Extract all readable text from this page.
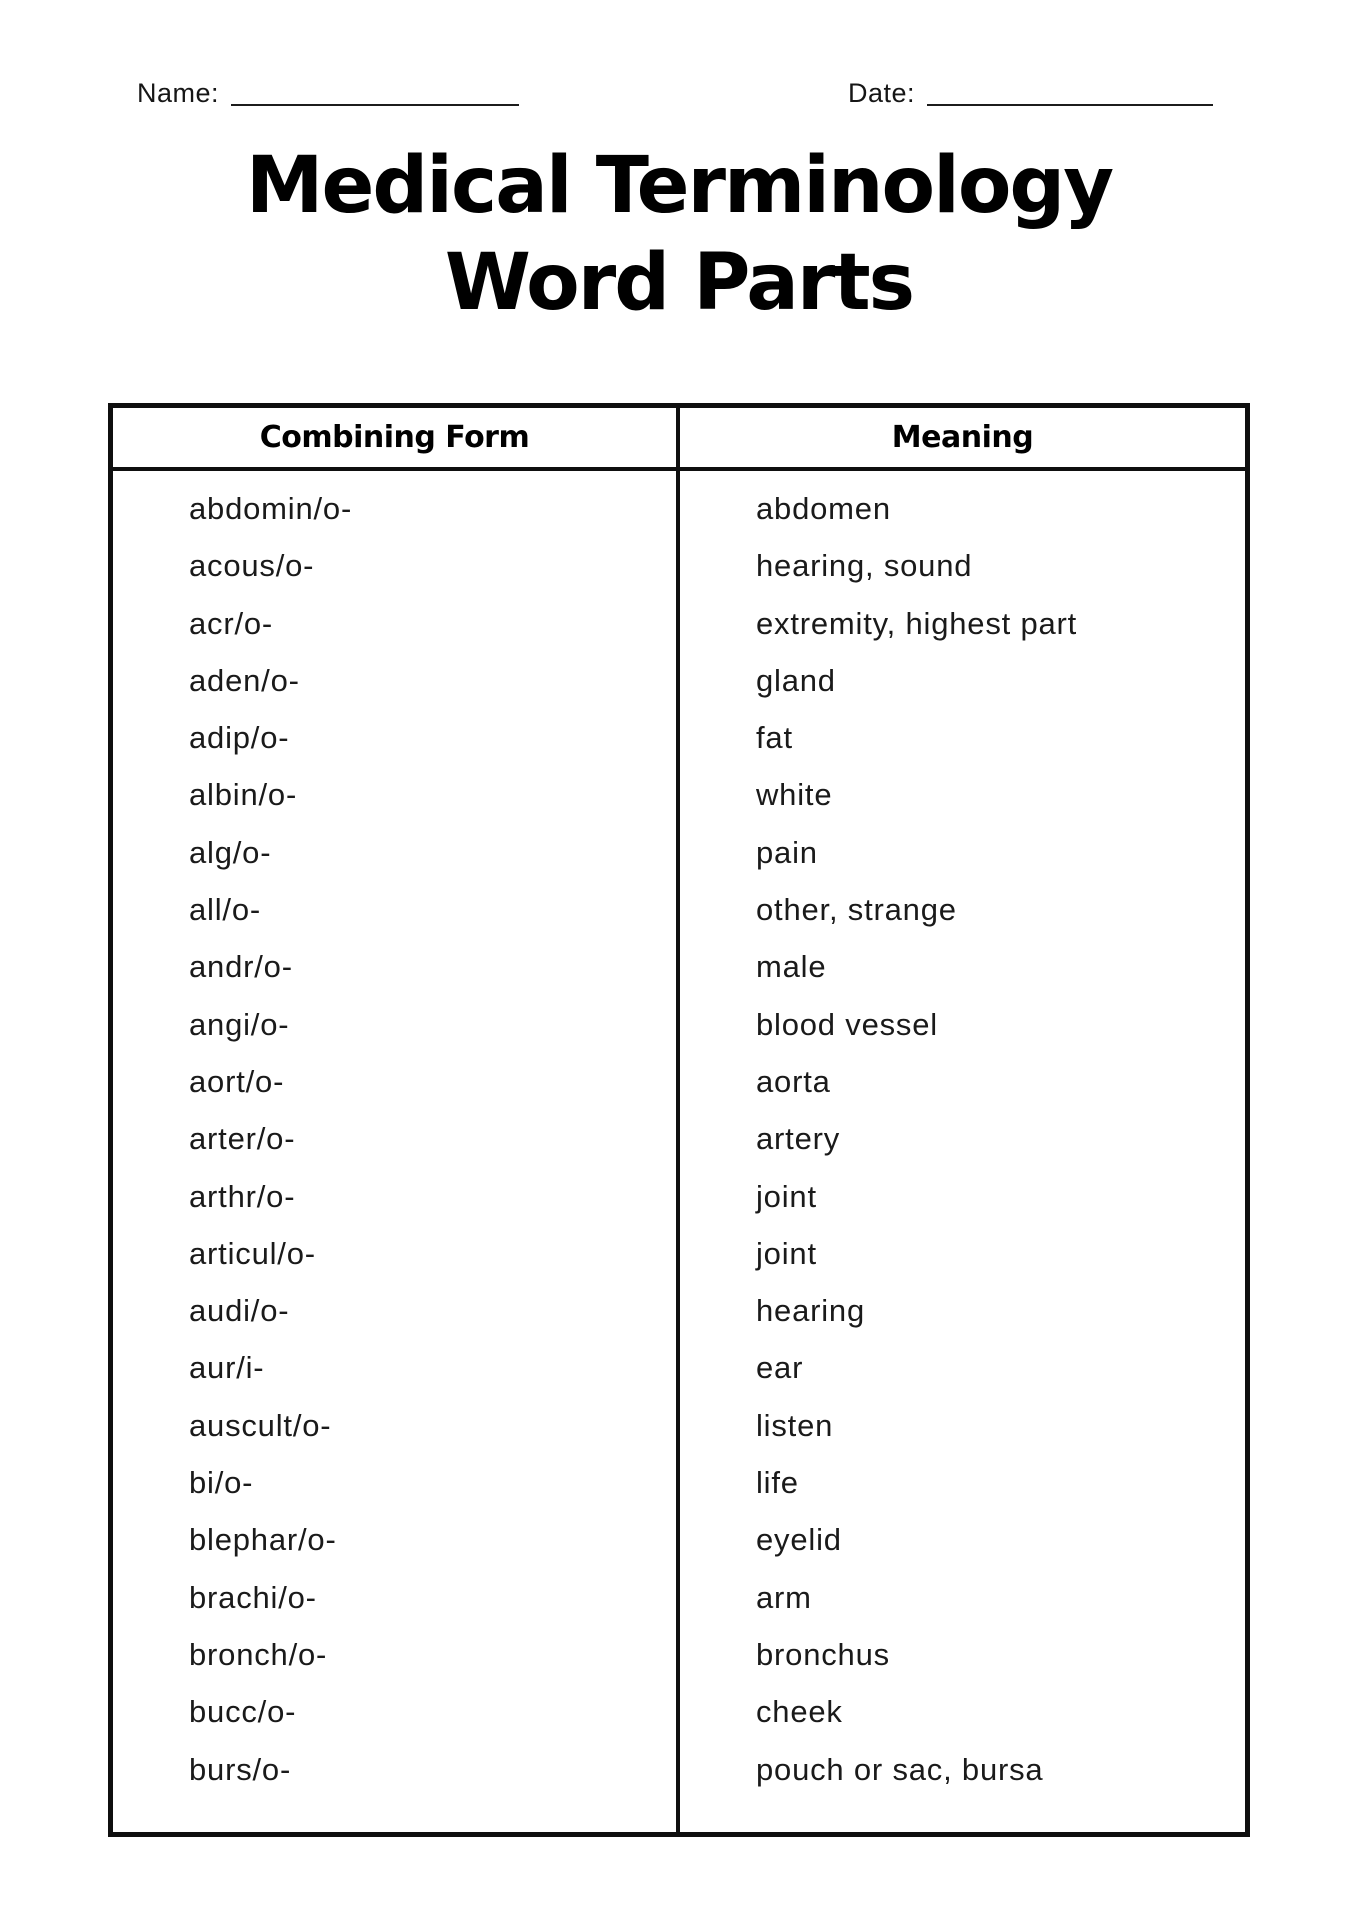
Name:	Date:
Medical Terminology
Word Parts
Combining Form	Meaning
abdomin/o-
acous/o-
acr/o-
aden/o-
adip/o-
albin/o-
alg/o-
all/o-
andr/o-
angi/o-
aort/o-
arter/o-
arthr/o-
articul/o-
audi/o-
aur/i-
auscult/o-
bi/o-
blephar/o-
brachi/o-
bronch/o-
bucc/o-
burs/o-
abdomen
hearing, sound
extremity, highest part
gland
fat
white
pain
other, strange
male
blood vessel
aorta
artery
joint
joint
hearing
ear
listen
life
eyelid
arm
bronchus
cheek
pouch or sac, bursa
